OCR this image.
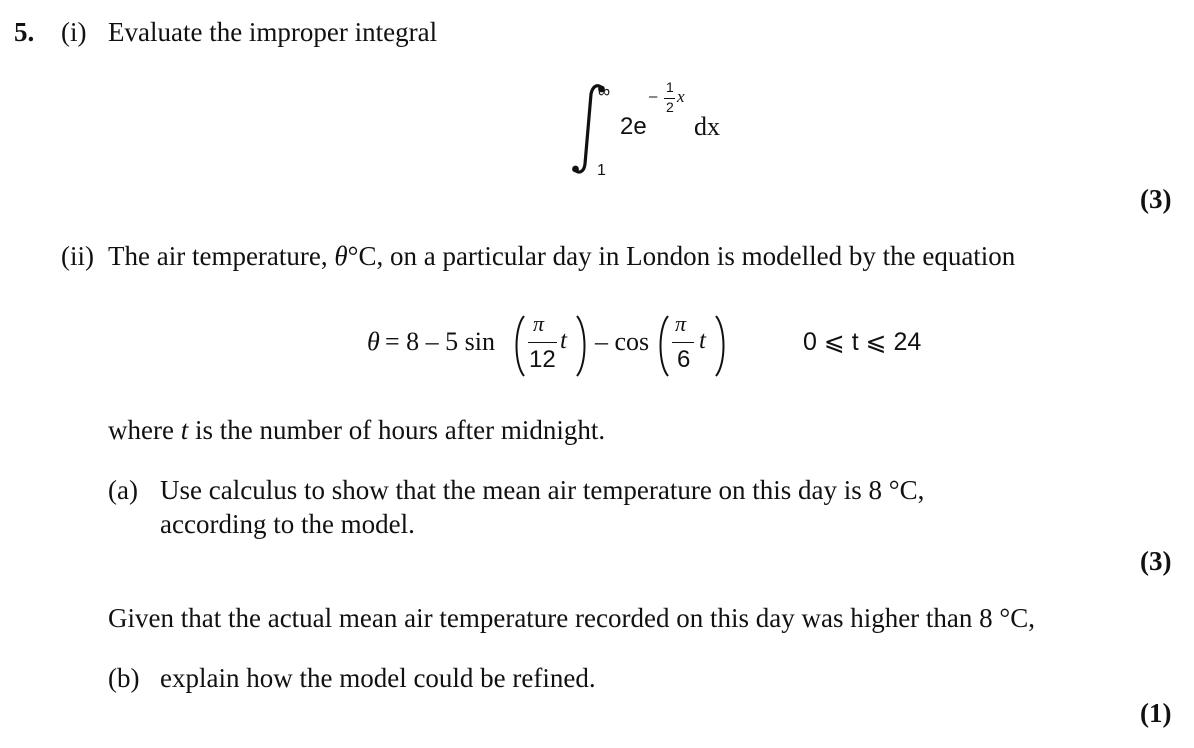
5. (i) Evaluate the improper integral
∞
1
2e
–
1
2
x
dx
(3)
(ii) The air temperature, θ°C, on a particular day in London is modelled by the equation
θ = 8 – 5 sin
π
12
t – cos
π
6
t	0 ⩽ t ⩽ 24
where t is the number of hours after midnight.
(a) Use calculus to show that the mean air temperature on this day is 8 °C,
according to the model.
(3)
Given that the actual mean air temperature recorded on this day was higher than 8 °C,
(b) explain how the model could be refined.
(1)
